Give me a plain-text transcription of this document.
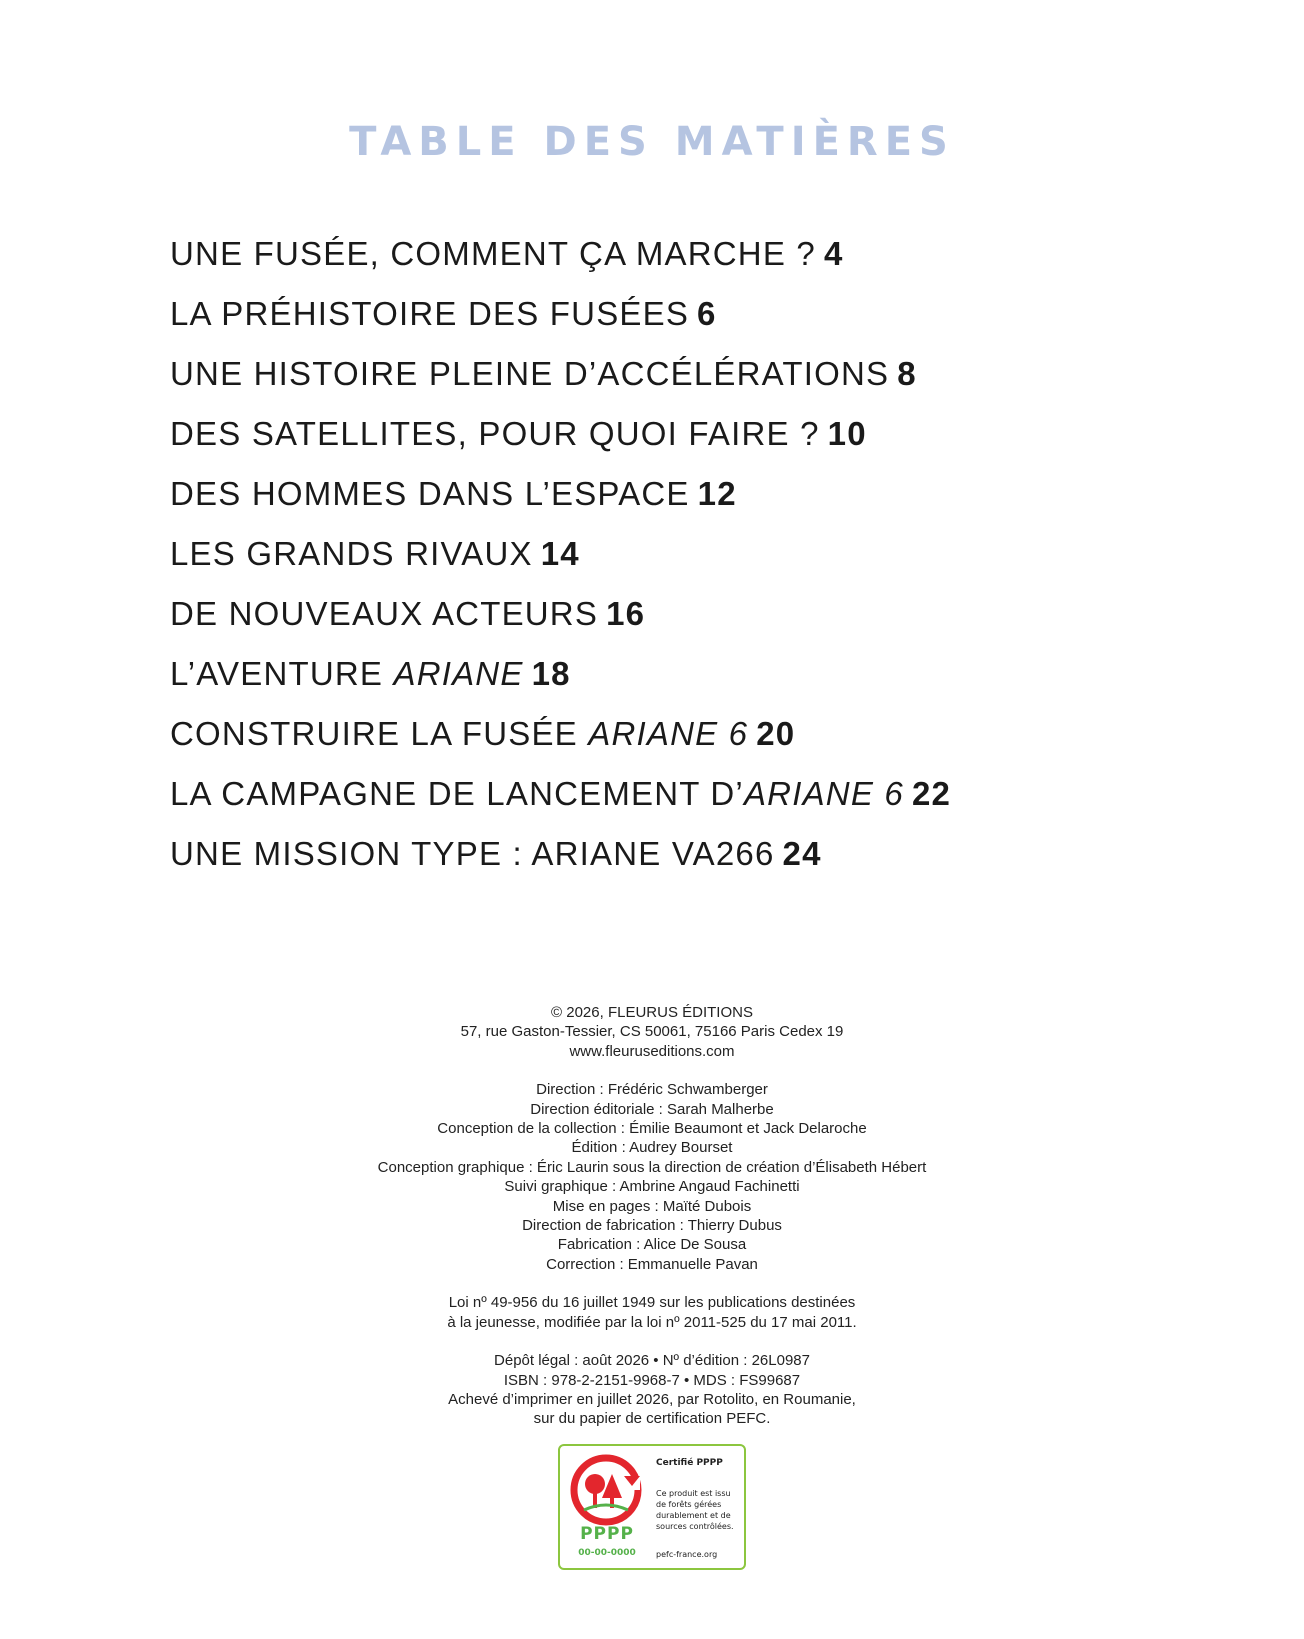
TABLE DES MATIÈRES
UNE FUSÉE, COMMENT ÇA MARCHE ? 4
LA PRÉHISTOIRE DES FUSÉES 6
UNE HISTOIRE PLEINE D’ACCÉLÉRATIONS 8
DES SATELLITES, POUR QUOI FAIRE ? 10
DES HOMMES DANS L’ESPACE 12
LES GRANDS RIVAUX 14
DE NOUVEAUX ACTEURS 16
L’AVENTURE ARIANE 18
CONSTRUIRE LA FUSÉE ARIANE 6 20
LA CAMPAGNE DE LANCEMENT D’ARIANE 6 22
UNE MISSION TYPE : ARIANE VA266 24
© 2026, FLEURUS ÉDITIONS
57, rue Gaston-Tessier, CS 50061, 75166 Paris Cedex 19
www.fleuruseditions.com
Direction : Frédéric Schwamberger
Direction éditoriale : Sarah Malherbe
Conception de la collection : Émilie Beaumont et Jack Delaroche
Édition : Audrey Bourset
Conception graphique : Éric Laurin sous la direction de création d’Élisabeth Hébert
Suivi graphique : Ambrine Angaud Fachinetti
Mise en pages : Maïté Dubois
Direction de fabrication : Thierry Dubus
Fabrication : Alice De Sousa
Correction : Emmanuelle Pavan
Loi nº 49-956 du 16 juillet 1949 sur les publications destinées
à la jeunesse, modifiée par la loi nº 2011-525 du 17 mai 2011.
Dépôt légal : août 2026 • Nº d’édition : 26L0987
ISBN : 978-2-2151-9968-7 • MDS : FS99687
Achevé d’imprimer en juillet 2026, par Rotolito, en Roumanie,
sur du papier de certification PEFC.
PPPP
00-00-0000
Certifié PPPP
Ce produit est issu
de forêts gérées
durablement et de
sources contrôlées.
pefc-france.org
